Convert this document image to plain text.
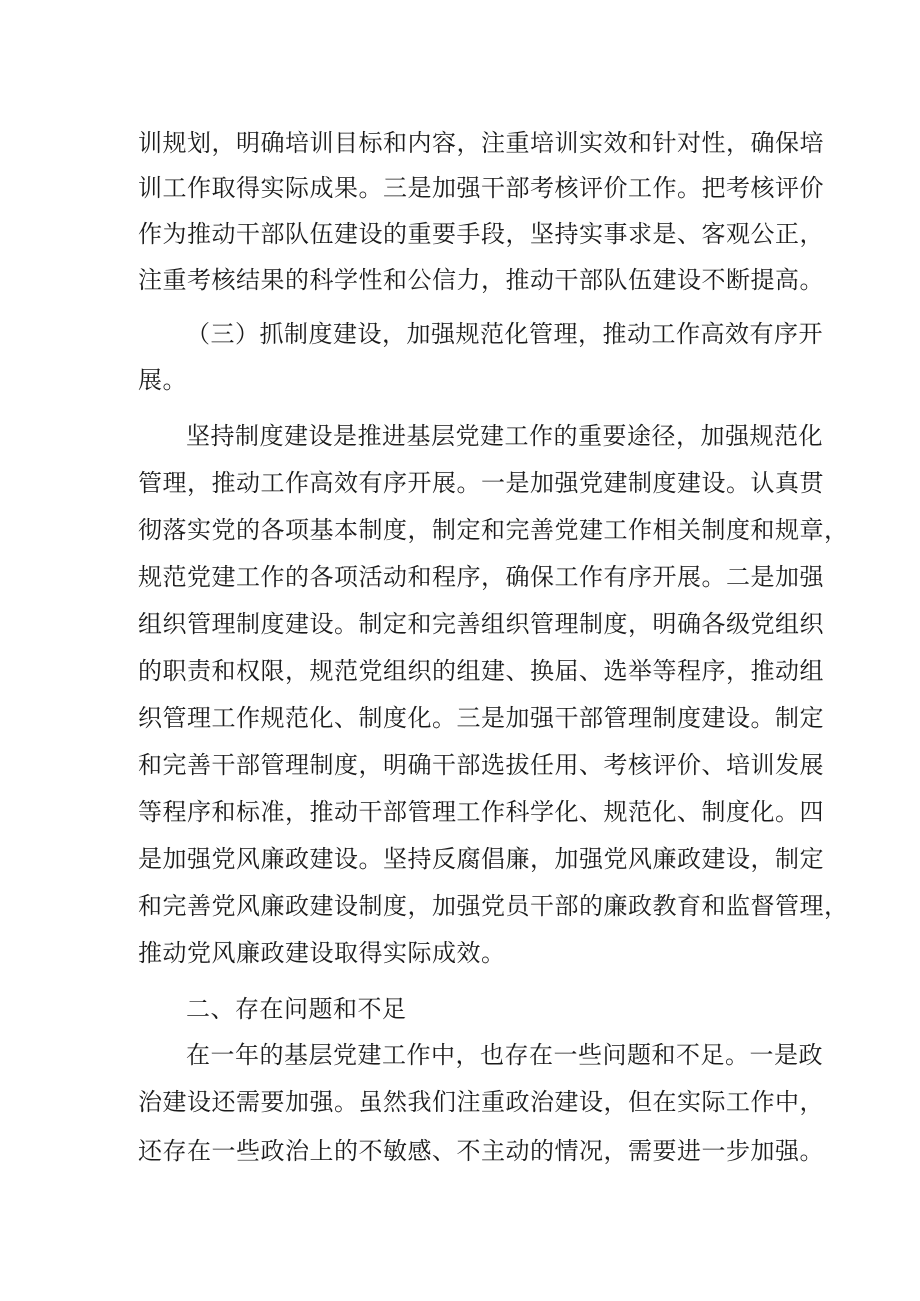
训规划，明确培训目标和内容，注重培训实效和针对性，确保培
训工作取得实际成果。三是加强干部考核评价工作。把考核评价
作为推动干部队伍建设的重要手段，坚持实事求是、客观公正，
注重考核结果的科学性和公信力，推动干部队伍建设不断提高。
（三）抓制度建设，加强规范化管理，推动工作高效有序开
展。
坚持制度建设是推进基层党建工作的重要途径，加强规范化
管理，推动工作高效有序开展。一是加强党建制度建设。认真贯
彻落实党的各项基本制度，制定和完善党建工作相关制度和规章，
规范党建工作的各项活动和程序，确保工作有序开展。二是加强
组织管理制度建设。制定和完善组织管理制度，明确各级党组织
的职责和权限，规范党组织的组建、换届、选举等程序，推动组
织管理工作规范化、制度化。三是加强干部管理制度建设。制定
和完善干部管理制度，明确干部选拔任用、考核评价、培训发展
等程序和标准，推动干部管理工作科学化、规范化、制度化。四
是加强党风廉政建设。坚持反腐倡廉，加强党风廉政建设，制定
和完善党风廉政建设制度，加强党员干部的廉政教育和监督管理，
推动党风廉政建设取得实际成效。
二、存在问题和不足
在一年的基层党建工作中，也存在一些问题和不足。一是政
治建设还需要加强。虽然我们注重政治建设，但在实际工作中，
还存在一些政治上的不敏感、不主动的情况，需要进一步加强。
